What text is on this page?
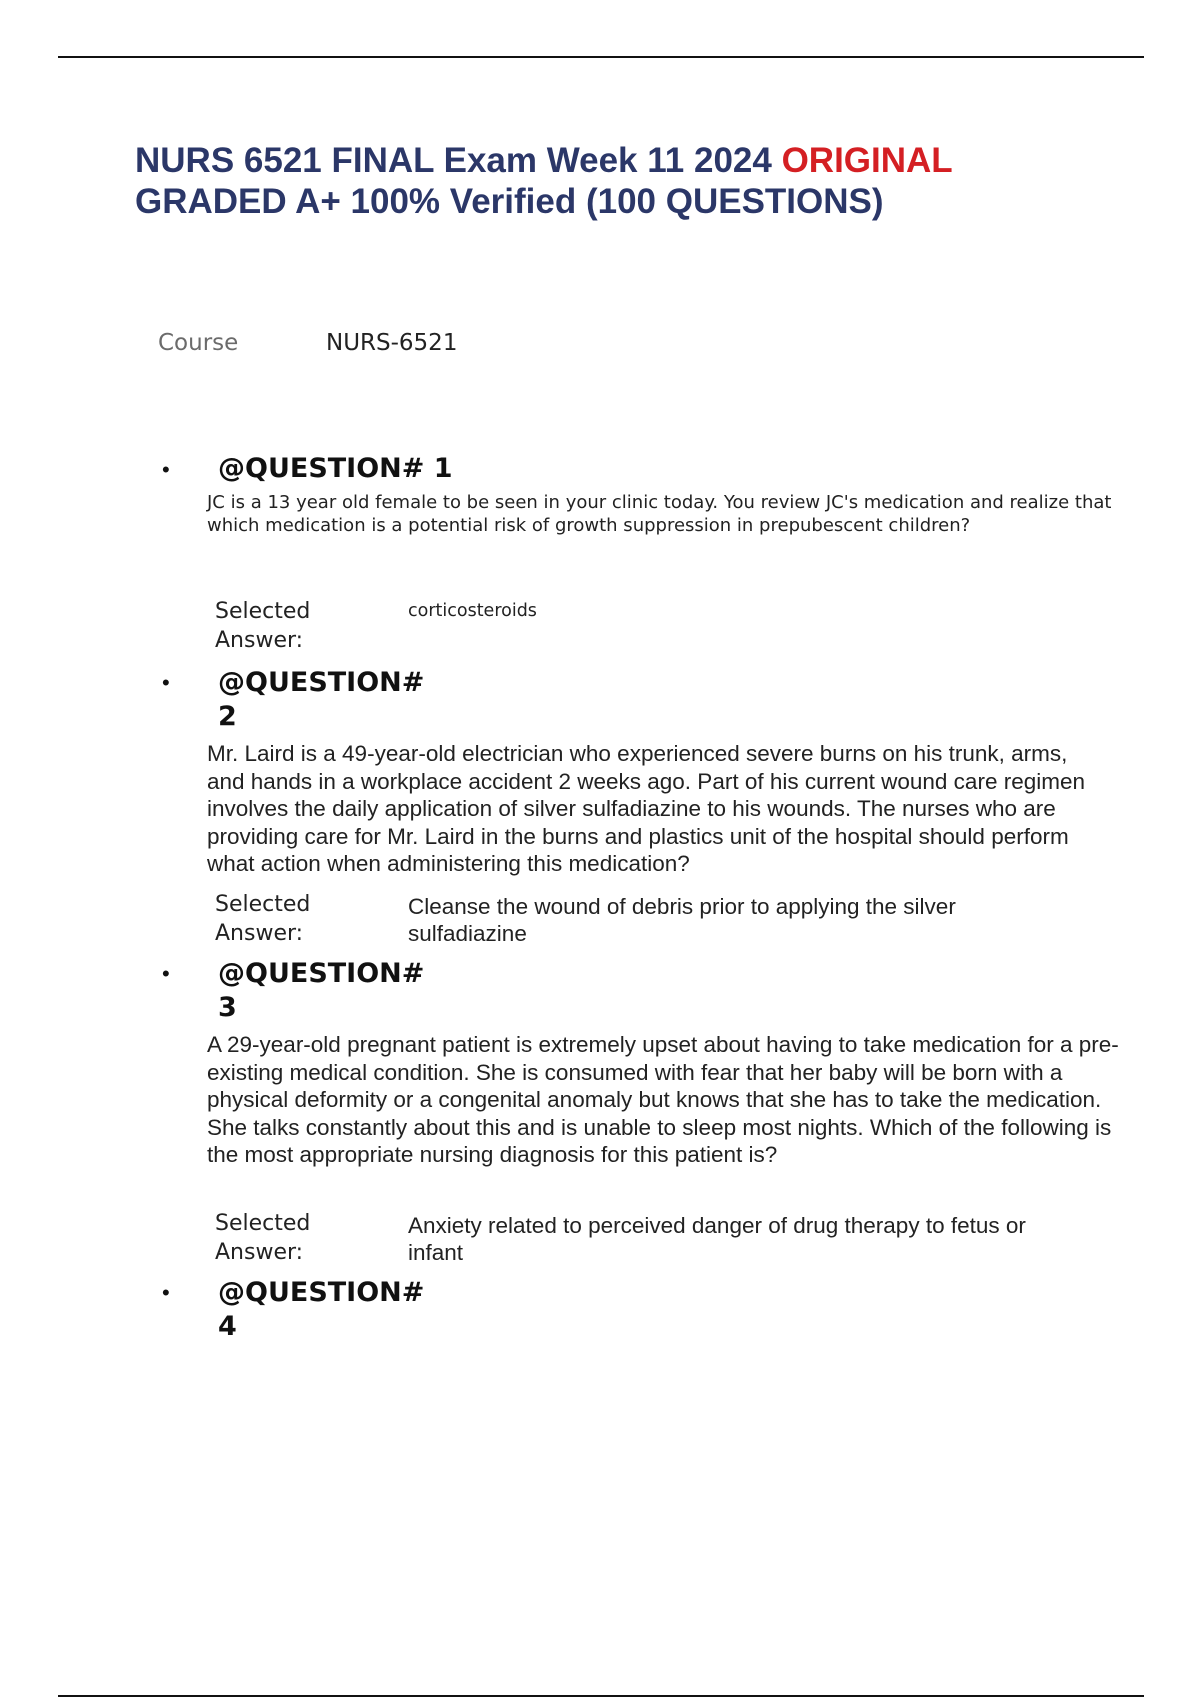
NURS 6521 FINAL Exam Week 11 2024 ORIGINAL
GRADED A+ 100% Verified (100 QUESTIONS)
Course	NURS-6521
• @QUESTION# 1

JC is a 13 year old female to be seen in your clinic today. You review JC's medication and realize that which medication is a potential risk of growth suppression in prepubescent children?

Selected Answer:

corticosteroids

• @QUESTION# 2

Mr. Laird is a 49-year-old electrician who experienced severe burns on his trunk, arms, and hands in a workplace accident 2 weeks ago. Part of his current wound care regimen involves the daily application of silver sulfadiazine to his wounds. The nurses who are providing care for Mr. Laird in the burns and plastics unit of the hospital should perform what action when administering this medication?

Selected Answer:

Cleanse the wound of debris prior to applying the silver sulfadiazine

• @QUESTION# 3

A 29-year-old pregnant patient is extremely upset about having to take medication for a pre-existing medical condition. She is consumed with fear that her baby will be born with a physical deformity or a congenital anomaly but knows that she has to take the medication. She talks constantly about this and is unable to sleep most nights. Which of the following is the most appropriate nursing diagnosis for this patient is?

Selected Answer:

Anxiety related to perceived danger of drug therapy to fetus or infant

• @QUESTION# 4
